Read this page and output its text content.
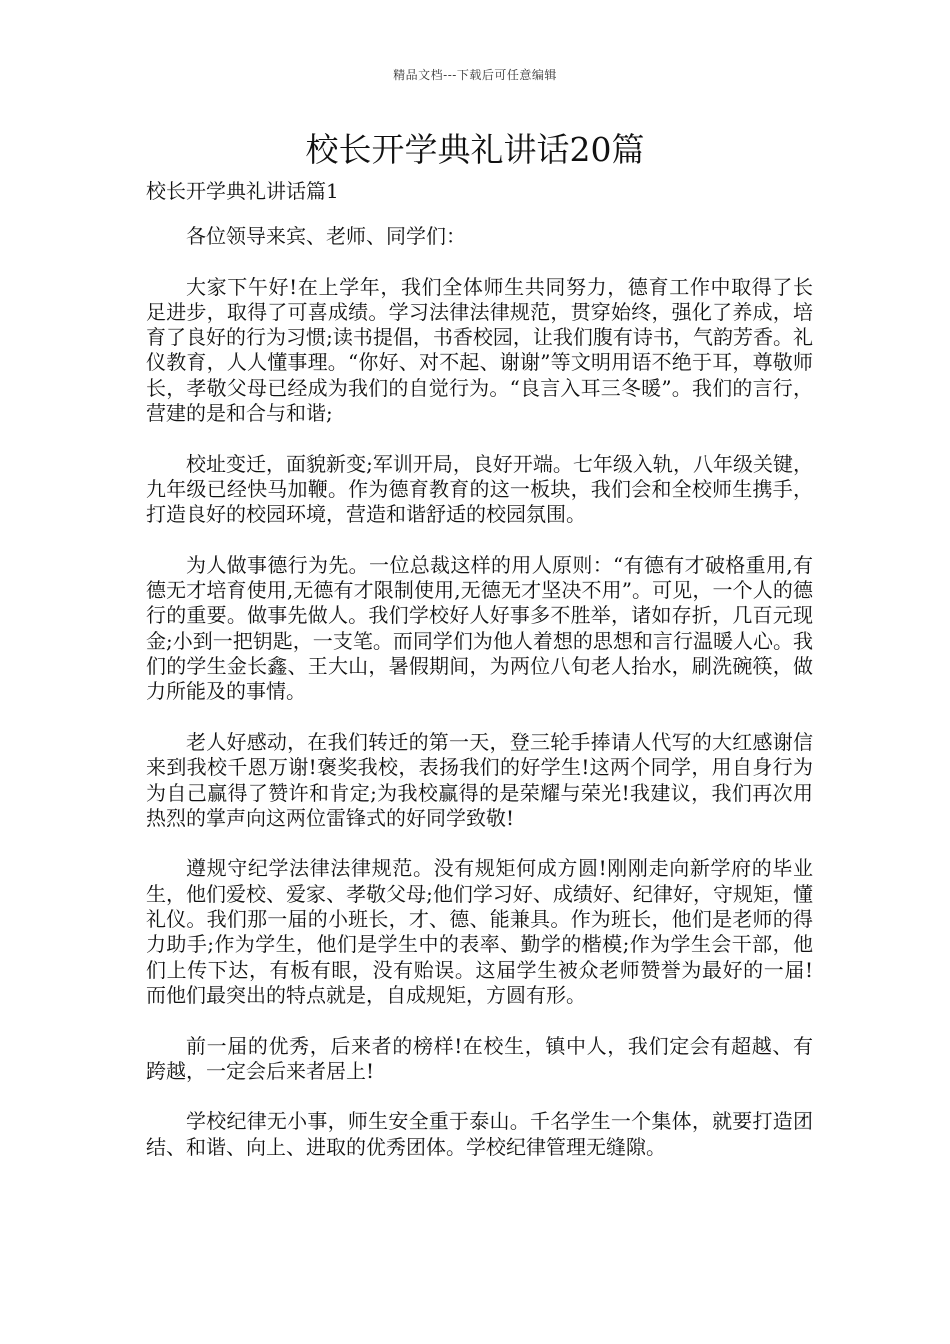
精品文档---下载后可任意编辑
校长开学典礼讲话20篇
校长开学典礼讲话篇1

各位领导来宾、老师、同学们：

大家下午好!在上学年，我们全体师生共同努力，德育工作中取得了长足进步，取得了可喜成绩。学习法律法律规范，贯穿始终，强化了养成，培育了良好的行为习惯;读书提倡，书香校园，让我们腹有诗书，气韵芳香。礼仪教育，人人懂事理。“你好、对不起、谢谢”等文明用语不绝于耳，尊敬师长，孝敬父母已经成为我们的自觉行为。“良言入耳三冬暖”。我们的言行，营建的是和合与和谐;

校址变迁，面貌新变;军训开局，良好开端。七年级入轨，八年级关键，九年级已经快马加鞭。作为德育教育的这一板块，我们会和全校师生携手，打造良好的校园环境，营造和谐舒适的校园氛围。

为人做事德行为先。一位总裁这样的用人原则：“有德有才破格重用,有德无才培育使用,无德有才限制使用,无德无才坚决不用”。可见，一个人的德行的重要。做事先做人。我们学校好人好事多不胜举，诸如存折，几百元现金;小到一把钥匙，一支笔。而同学们为他人着想的思想和言行温暖人心。我们的学生金长鑫、王大山，暑假期间，为两位八旬老人抬水，刷洗碗筷，做力所能及的事情。

老人好感动，在我们转迁的第一天，登三轮手捧请人代写的大红感谢信来到我校千恩万谢!褒奖我校，表扬我们的好学生!这两个同学，用自身行为为自己赢得了赞许和肯定;为我校赢得的是荣耀与荣光!我建议，我们再次用热烈的掌声向这两位雷锋式的好同学致敬!

遵规守纪学法律法律规范。没有规矩何成方圆!刚刚走向新学府的毕业生，他们爱校、爱家、孝敬父母;他们学习好、成绩好、纪律好，守规矩，懂礼仪。我们那一届的小班长，才、德、能兼具。作为班长，他们是老师的得力助手;作为学生，他们是学生中的表率、勤学的楷模;作为学生会干部，他们上传下达，有板有眼，没有贻误。这届学生被众老师赞誉为最好的一届!而他们最突出的特点就是，自成规矩，方圆有形。

前一届的优秀，后来者的榜样!在校生，镇中人，我们定会有超越、有跨越，一定会后来者居上!

学校纪律无小事，师生安全重于泰山。千名学生一个集体，就要打造团结、和谐、向上、进取的优秀团体。学校纪律管理无缝隙。
